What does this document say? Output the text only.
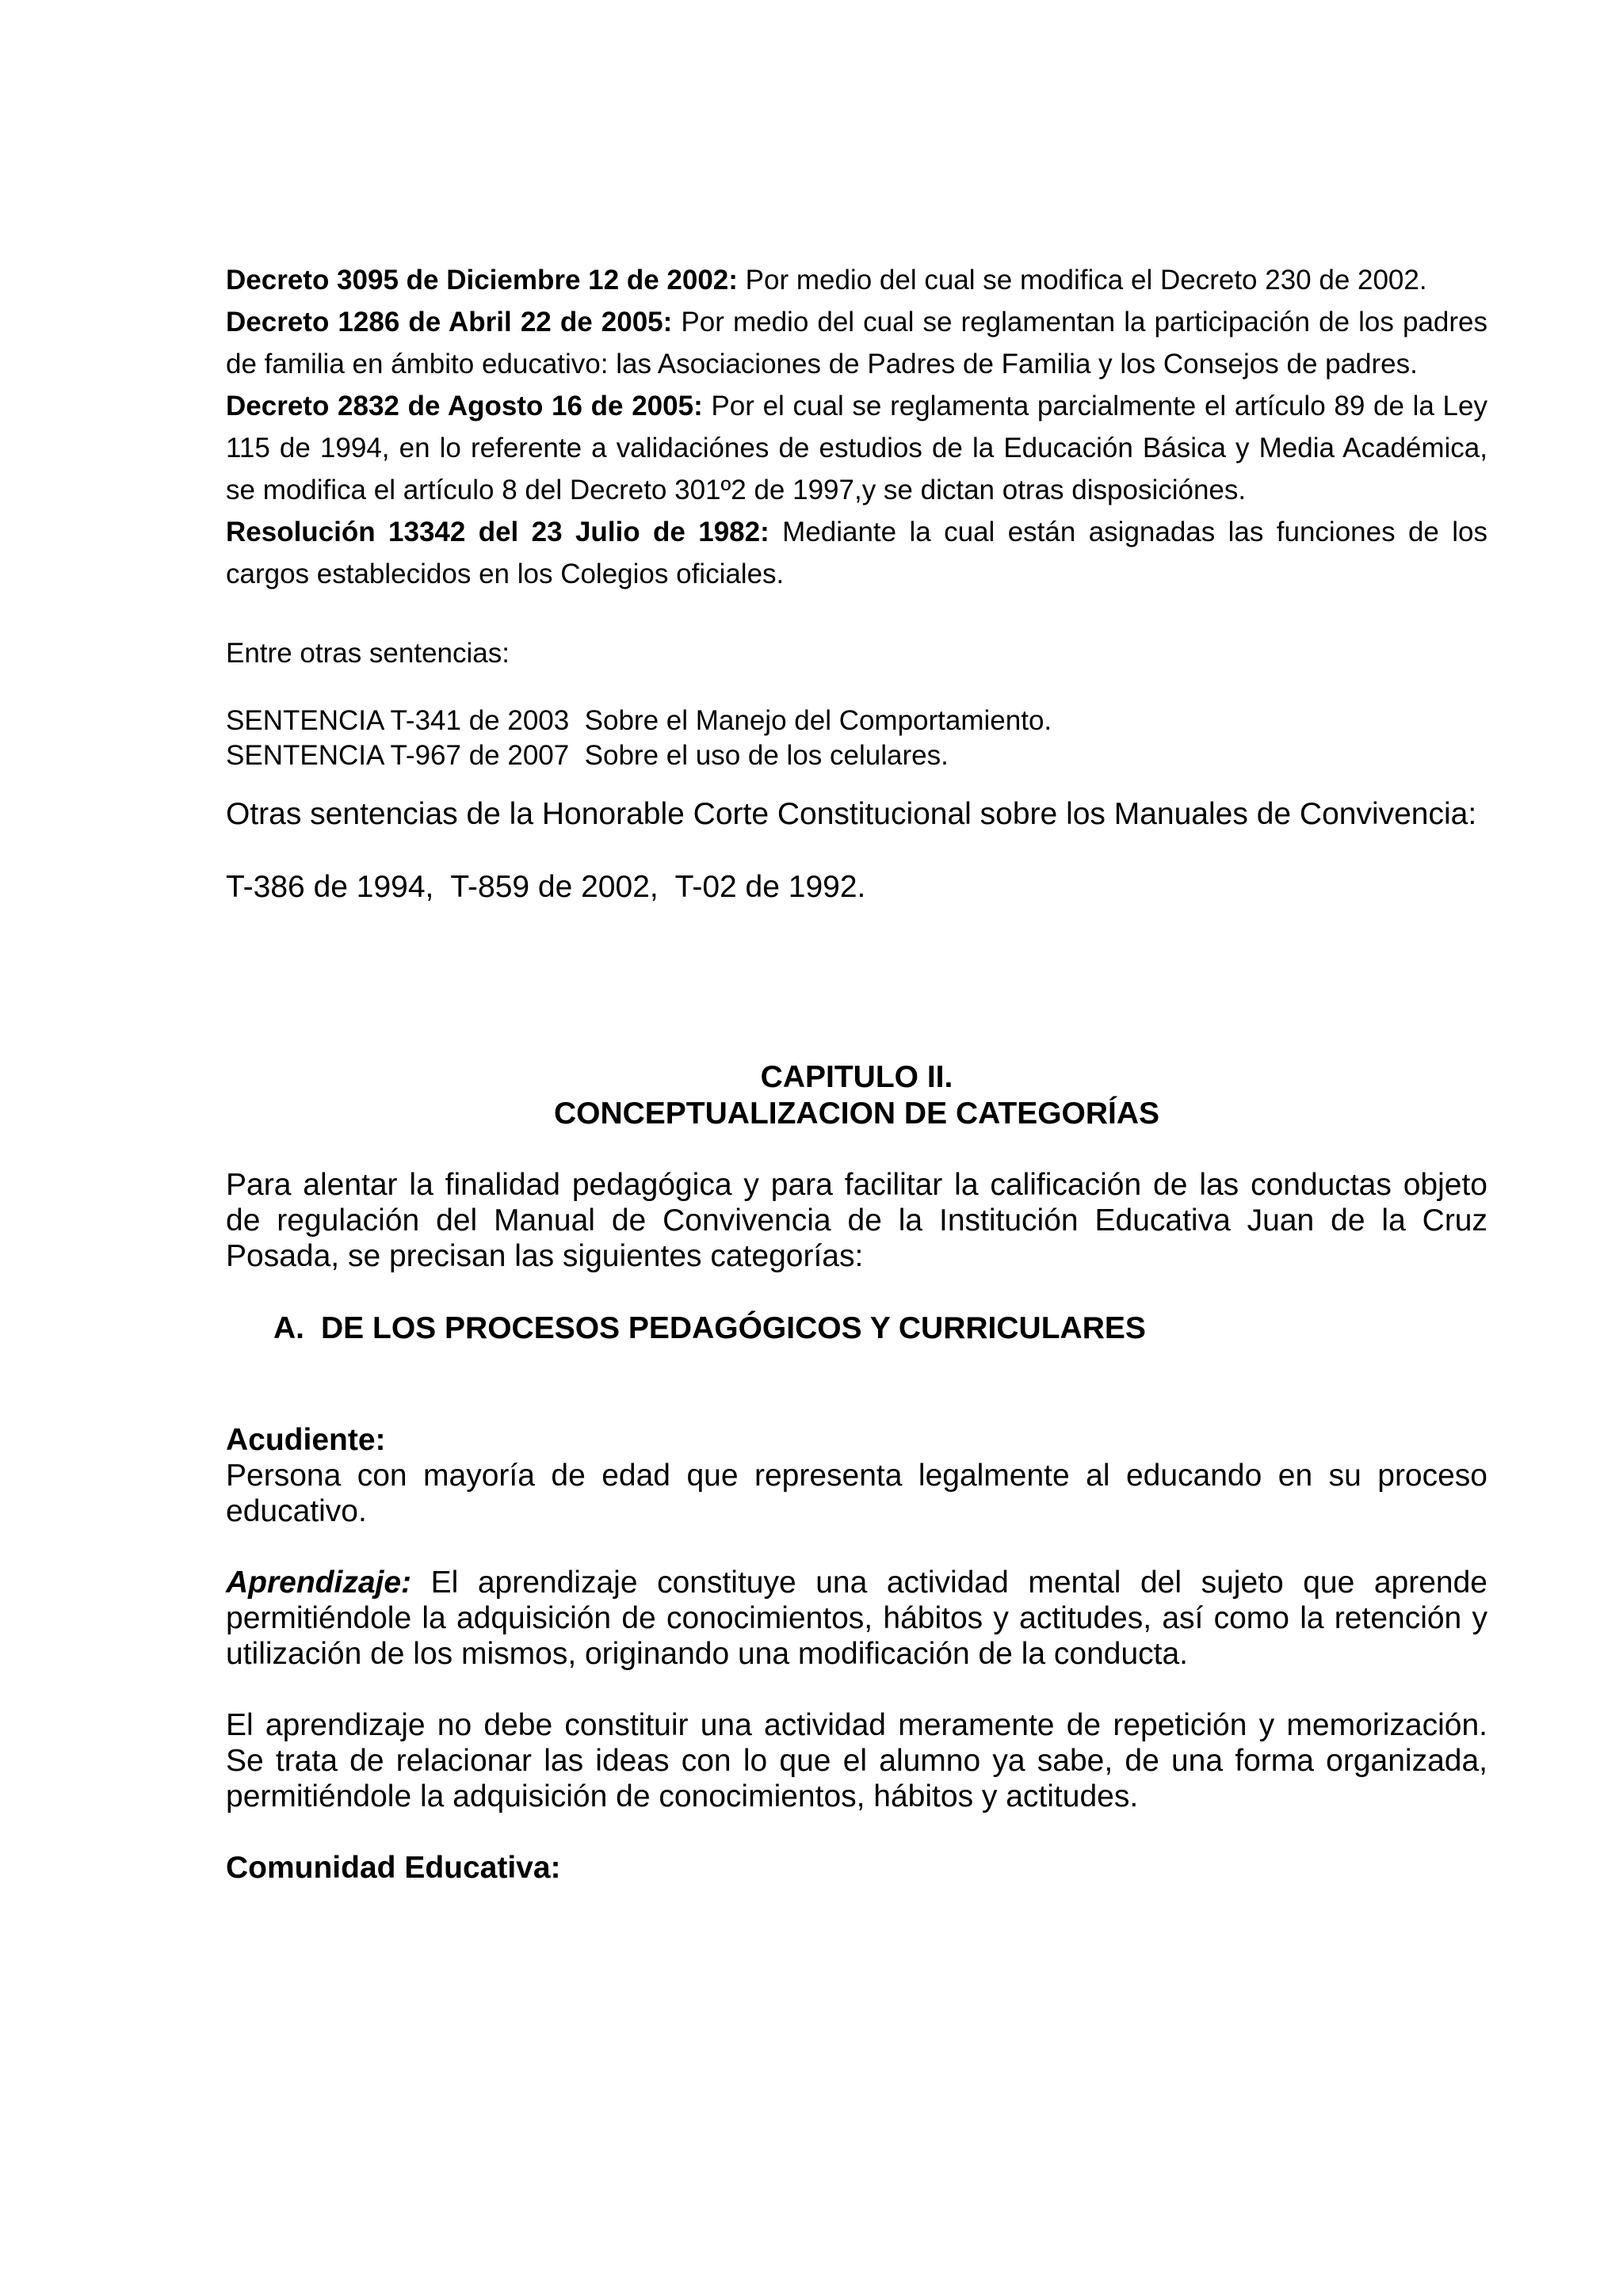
Decreto 3095 de Diciembre 12 de 2002: Por medio del cual se modifica el Decreto 230 de 2002.

Decreto 1286 de Abril 22 de 2005: Por medio del cual se reglamentan la participación de los padres de familia en ámbito educativo: las Asociaciones de Padres de Familia y los Consejos de padres.

Decreto 2832 de Agosto 16 de 2005: Por el cual se reglamenta parcialmente el artículo 89 de la Ley 115 de 1994, en lo referente a validaciónes de estudios de la Educación Básica y Media Académica, se modifica el artículo 8 del Decreto 301º2 de 1997,y se dictan otras disposiciónes.

Resolución 13342 del 23 Julio de 1982: Mediante la cual están asignadas las funciones de los cargos establecidos en los Colegios oficiales.

Entre otras sentencias:

SENTENCIA T-341 de 2003  Sobre el Manejo del Comportamiento.
SENTENCIA T-967 de 2007  Sobre el uso de los celulares.

Otras sentencias de la Honorable Corte Constitucional sobre los Manuales de Convivencia:

T-386 de 1994,  T-859 de 2002,  T-02 de 1992.
CAPITULO II.
CONCEPTUALIZACION DE CATEGORÍAS

Para alentar la finalidad pedagógica y para facilitar la calificación de las conductas objeto de regulación del Manual de Convivencia de la Institución Educativa Juan de la Cruz Posada, se precisan las siguientes categorías:

A. DE LOS PROCESOS PEDAGÓGICOS Y CURRICULARES
Acudiente:

Persona con mayoría de edad que representa legalmente al educando en su proceso educativo.

Aprendizaje: El aprendizaje constituye una actividad mental del sujeto que aprende permitiéndole la adquisición de conocimientos, hábitos y actitudes, así como la retención y utilización de los mismos, originando una modificación de la conducta.

El aprendizaje no debe constituir una actividad meramente de repetición y memorización. Se trata de relacionar las ideas con lo que el alumno ya sabe, de una forma organizada, permitiéndole la adquisición de conocimientos, hábitos y actitudes.

Comunidad Educativa:
